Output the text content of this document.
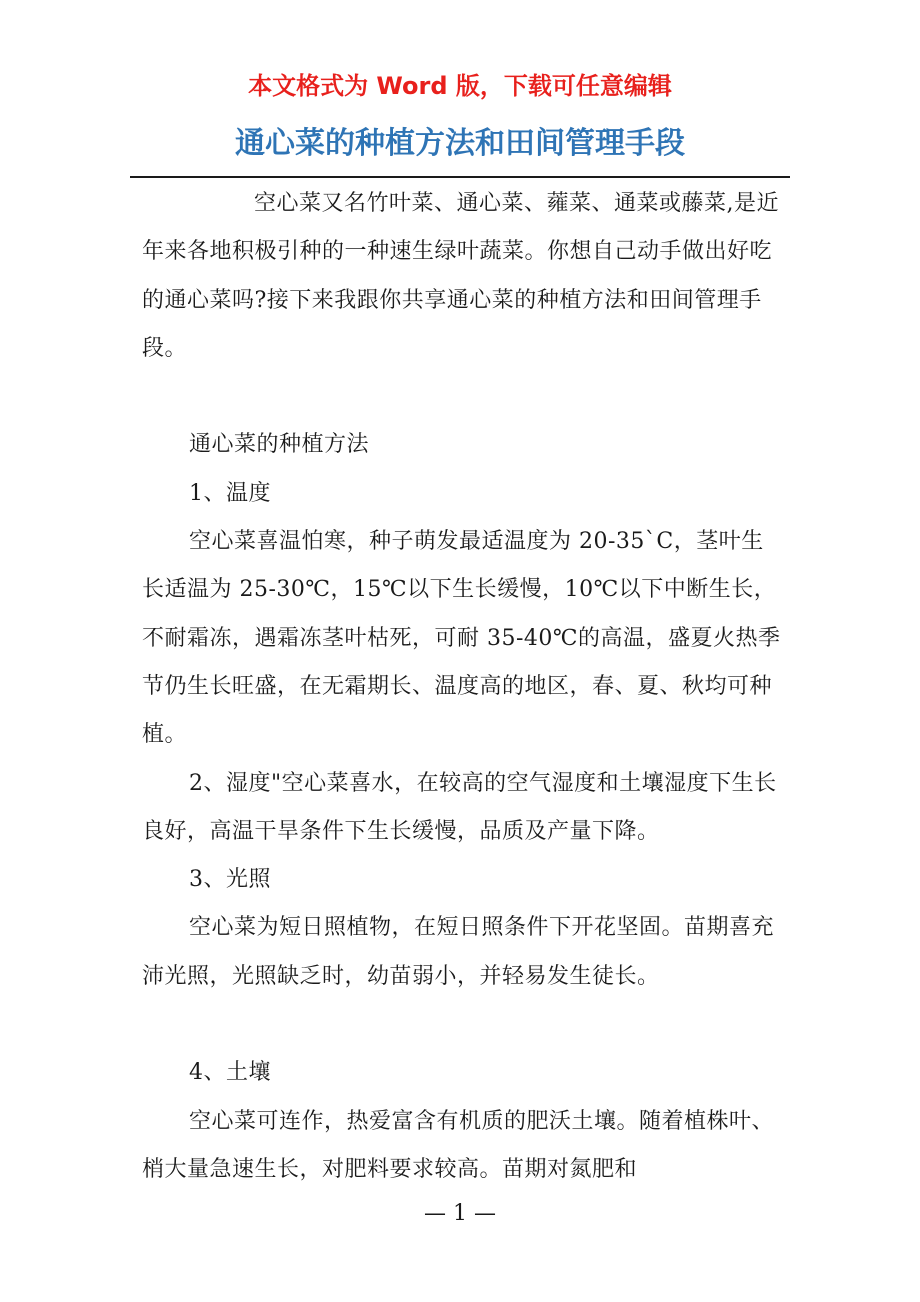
本文格式为 Word 版，下载可任意编辑

通心菜的种植方法和田间管理手段

空心菜又名竹叶菜、通心菜、蕹菜、通菜或藤菜,是近年来各地积极引种的一种速生绿叶蔬菜。你想自己动手做出好吃的通心菜吗?接下来我跟你共享通心菜的种植方法和田间管理手段。

通心菜的种植方法

1、温度

空心菜喜温怕寒，种子萌发最适温度为 20-35`C，茎叶生长适温为 25-30℃，15℃以下生长缓慢，10℃以下中断生长，不耐霜冻，遇霜冻茎叶枯死，可耐 35-40℃的高温，盛夏火热季节仍生长旺盛，在无霜期长、温度高的地区，春、夏、秋均可种植。

2、湿度"空心菜喜水，在较高的空气湿度和土壤湿度下生长良好，高温干旱条件下生长缓慢，品质及产量下降。

3、光照

空心菜为短日照植物，在短日照条件下开花坚固。苗期喜充沛光照，光照缺乏时，幼苗弱小，并轻易发生徒长。

4、土壤

空心菜可连作，热爱富含有机质的肥沃土壤。随着植株叶、梢大量急速生长，对肥料要求较高。苗期对氮肥和

— 1 —
